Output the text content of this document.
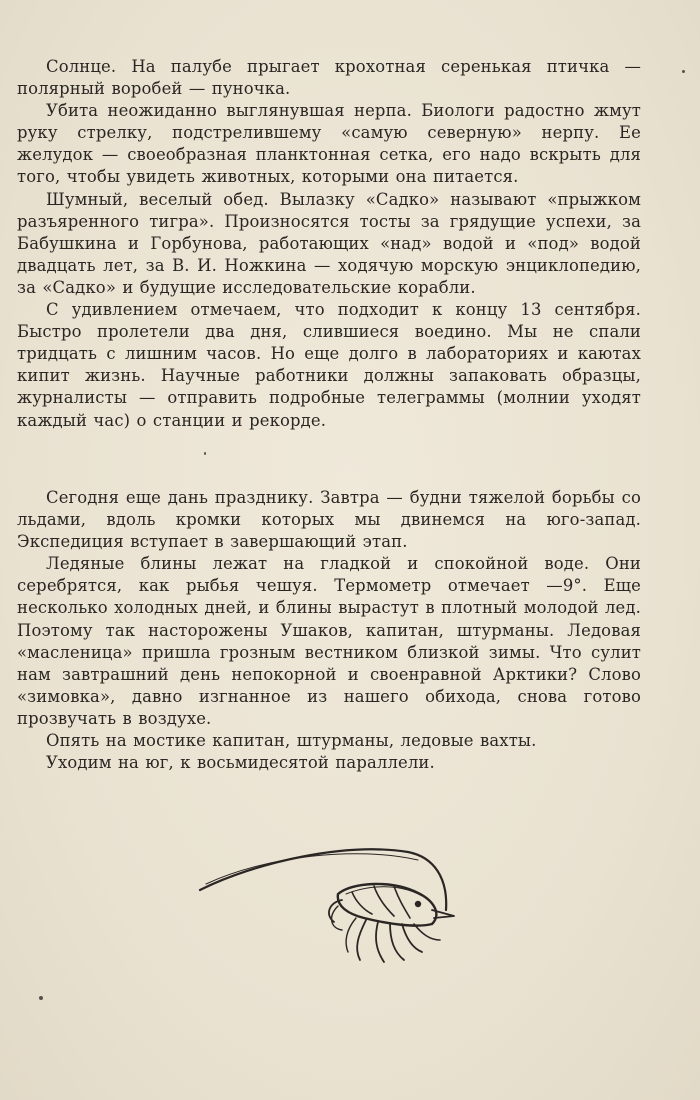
Солнце. На палубе прыгает крохотная серенькая птичка — полярный воробей — пуночка.

Убита неожиданно выглянувшая нерпа. Биологи радостно жмут руку стрелку, подстрелившему «самую северную» нерпу. Ее желудок — своеобразная планктонная сетка, его надо вскрыть для того, чтобы увидеть животных, которыми она питается.

Шумный, веселый обед. Вылазку «Садко» называют «прыжком разъяренного тигра». Произносятся тосты за грядущие успехи, за Бабушкина и Горбунова, работающих «над» водой и «под» водой двадцать лет, за В. И. Ножкина — ходячую морскую энциклопедию, за «Садко» и будущие исследовательские корабли.

С удивлением отмечаем, что подходит к концу 13 сентября. Быстро пролетели два дня, слившиеся воедино. Мы не спали тридцать с лишним часов. Но еще долго в лабораториях и каютах кипит жизнь. Научные работники должны запаковать образцы, журналисты — отправить подробные телеграммы (молнии уходят каждый час) о станции и рекорде.

Сегодня еще дань празднику. Завтра — будни тяжелой борьбы со льдами, вдоль кромки которых мы двинемся на юго-запад. Экспедиция вступает в завершающий этап.

Ледяные блины лежат на гладкой и спокойной воде. Они серебрятся, как рыбья чешуя. Термометр отмечает —9°. Еще несколько холодных дней, и блины вырастут в плотный молодой лед. Поэтому так насторожены Ушаков, капитан, штурманы. Ледовая «масленица» пришла грозным вестником близкой зимы. Что сулит нам завтрашний день непокорной и своенравной Арктики? Слово «зимовка», давно изгнанное из нашего обихода, снова готово прозвучать в воздухе.

Опять на мостике капитан, штурманы, ледовые вахты.

Уходим на юг, к восьмидесятой параллели.
